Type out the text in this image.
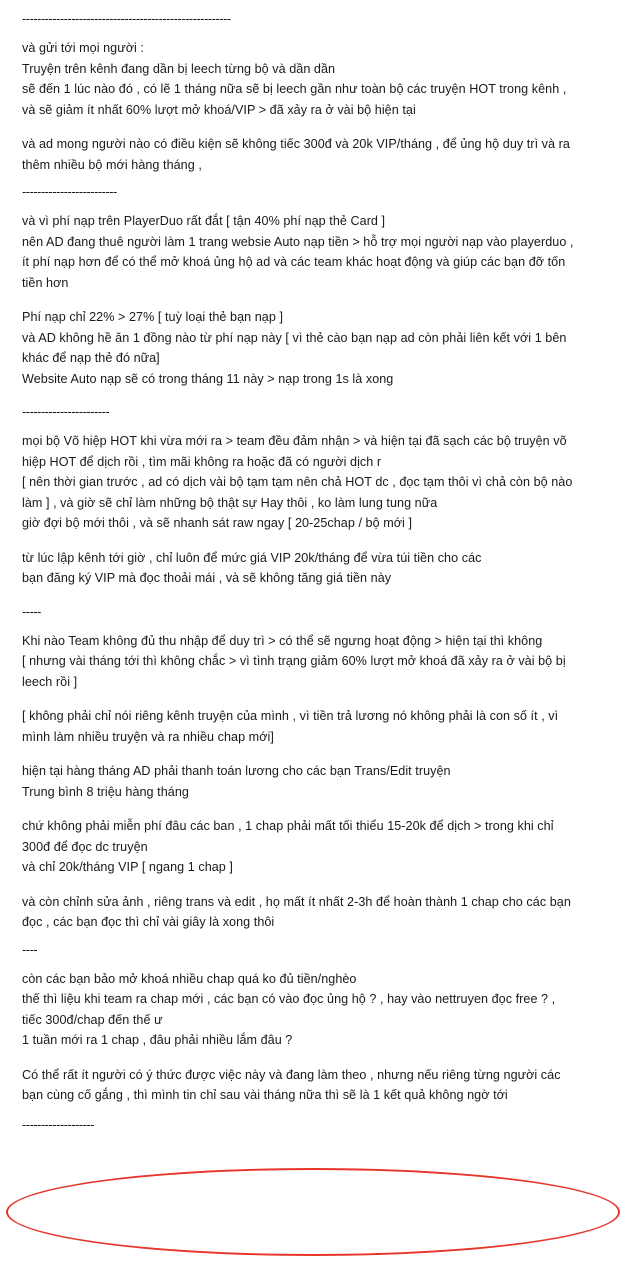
-------------------------------------------------------
và gửi tới mọi người :
Truyện trên kênh đang dần bị leech từng bộ và dần dần
sẽ đến 1 lúc nào đó , có lẽ 1 tháng nữa sẽ bị leech gần như toàn bộ các truyện HOT trong kênh ,
và sẽ giảm ít nhất 60% lượt mở khoá/VIP > đã xảy ra ở vài bộ hiện tại
và ad mong người nào có điều kiện sẽ không tiếc 300đ và 20k VIP/tháng , để ủng hộ duy trì và ra
thêm nhiều bộ mới hàng tháng ,
-------------------------
và vì phí nạp trên PlayerDuo rất đắt [ tận 40% phí nạp thẻ Card ]
nên AD đang thuê người làm 1 trang websie Auto nạp tiền > hỗ trợ mọi người nạp vào playerduo ,
ít phí nạp hơn để có thể mở khoá ủng hộ ad và các team khác hoạt động và giúp các bạn đỡ tốn
tiền hơn
Phí nạp chỉ 22% > 27% [ tuỳ loại thẻ bạn nạp ]
và AD không hề ăn 1 đồng nào từ phí nạp này [ vì thẻ cào bạn nạp ad còn phải liên kết với 1 bên
khác để nạp thẻ đó nữa]
Website Auto nạp sẽ có trong tháng 11 này > nạp trong 1s là xong
-----------------------
mọi bộ Võ hiệp HOT khi vừa mới ra > team đều đảm nhận > và hiện tại đã sạch các bộ truyện võ
hiệp HOT để dịch rồi , tìm mãi không ra hoặc đã có người dịch r
[ nên thời gian trước , ad có dịch vài bộ tạm tạm nên chả HOT dc , đọc tạm thôi vì chả còn bộ nào
làm ] , và giờ sẽ chỉ làm những bộ thật sự Hay thôi , ko làm lung tung nữa
giờ đợi bộ mới thôi , và sẽ nhanh sát raw ngay [ 20-25chap / bộ mới ]
từ lúc lập kênh tới giờ , chỉ luôn để mức giá VIP 20k/tháng để vừa túi tiền cho các
bạn đăng ký VIP mà đọc thoải mái , và sẽ không tăng giá tiền này
-----
Khi nào Team không đủ thu nhập để duy trì > có thể sẽ ngưng hoạt động > hiện tại thì không
[ nhưng vài tháng tới thì không chắc > vì tình trạng giảm 60% lượt mở khoá đã xảy ra ở vài bộ bị
leech rồi ]
[ không phải chỉ nói riêng kênh truyện của mình , vì tiền trả lương nó không phải là con số ít , vì
mình làm nhiều truyện và ra nhiều chap mới]
hiện tại hàng tháng AD phải thanh toán lương cho các bạn Trans/Edit truyện
Trung bình 8 triệu hàng tháng
chứ không phải miễn phí đâu các ban , 1 chap phải mất tối thiểu 15-20k để dịch > trong khi chỉ
300đ để đọc dc truyện
và chỉ 20k/tháng VIP [ ngang 1 chap ]
và còn chỉnh sửa ảnh , riêng trans và edit , họ mất ít nhất 2-3h để hoàn thành 1 chap cho các bạn
đọc , các bạn đọc thì chỉ vài giây là xong thôi
----
còn các bạn bảo mở khoá nhiều chap quá ko đủ tiền/nghèo
thế thì liệu khi team ra chap mới , các bạn có vào đọc ủng hộ ? , hay vào nettruyen đọc free ? ,
tiếc 300đ/chap đến thế ư
1 tuần mới ra 1 chap , đâu phải nhiều lắm đâu ?
Có thể rất ít người có ý thức được việc này và đang làm theo , nhưng nếu riêng từng người các
bạn cùng cố gắng , thì mình tin chỉ sau vài tháng nữa thì sẽ là 1 kết quả không ngờ tới
-------------------
